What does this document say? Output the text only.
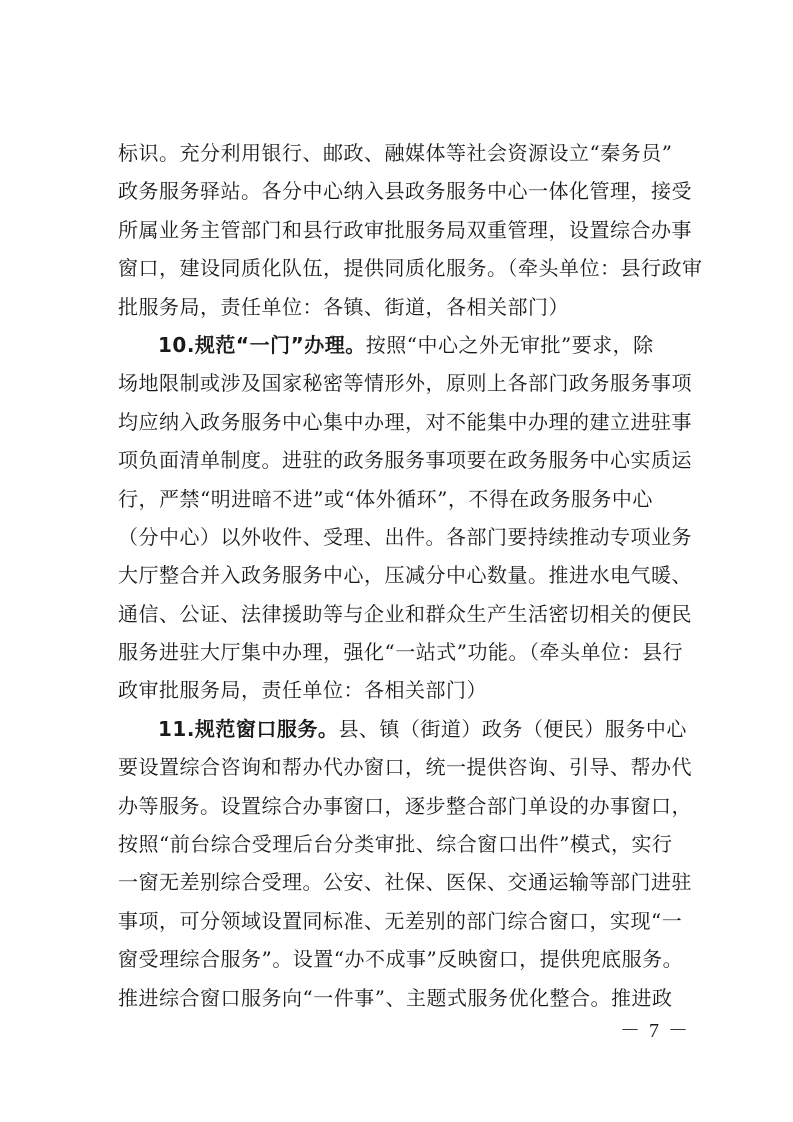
标识。充分利用银行、邮政、融媒体等社会资源设立“秦务员”
政务服务驿站。各分中心纳入县政务服务中心一体化管理，接受
所属业务主管部门和县行政审批服务局双重管理，设置综合办事
窗口，建设同质化队伍，提供同质化服务。（牵头单位：县行政审
批服务局，责任单位：各镇、街道，各相关部门）
10.规范“一门”办理。按照“中心之外无审批”要求，除
场地限制或涉及国家秘密等情形外，原则上各部门政务服务事项
均应纳入政务服务中心集中办理，对不能集中办理的建立进驻事
项负面清单制度。进驻的政务服务事项要在政务服务中心实质运
行，严禁“明进暗不进”或“体外循环”，不得在政务服务中心
（分中心）以外收件、受理、出件。各部门要持续推动专项业务
大厅整合并入政务服务中心，压减分中心数量。推进水电气暖、
通信、公证、法律援助等与企业和群众生产生活密切相关的便民
服务进驻大厅集中办理，强化“一站式”功能。（牵头单位：县行
政审批服务局，责任单位：各相关部门）
11.规范窗口服务。县、镇（街道）政务（便民）服务中心
要设置综合咨询和帮办代办窗口，统一提供咨询、引导、帮办代
办等服务。设置综合办事窗口，逐步整合部门单设的办事窗口，
按照“前台综合受理后台分类审批、综合窗口出件”模式，实行
一窗无差别综合受理。公安、社保、医保、交通运输等部门进驻
事项，可分领域设置同标准、无差别的部门综合窗口，实现“一
窗受理综合服务”。设置“办不成事”反映窗口，提供兜底服务。
推进综合窗口服务向“一件事”、主题式服务优化整合。推进政
－ 7 －
